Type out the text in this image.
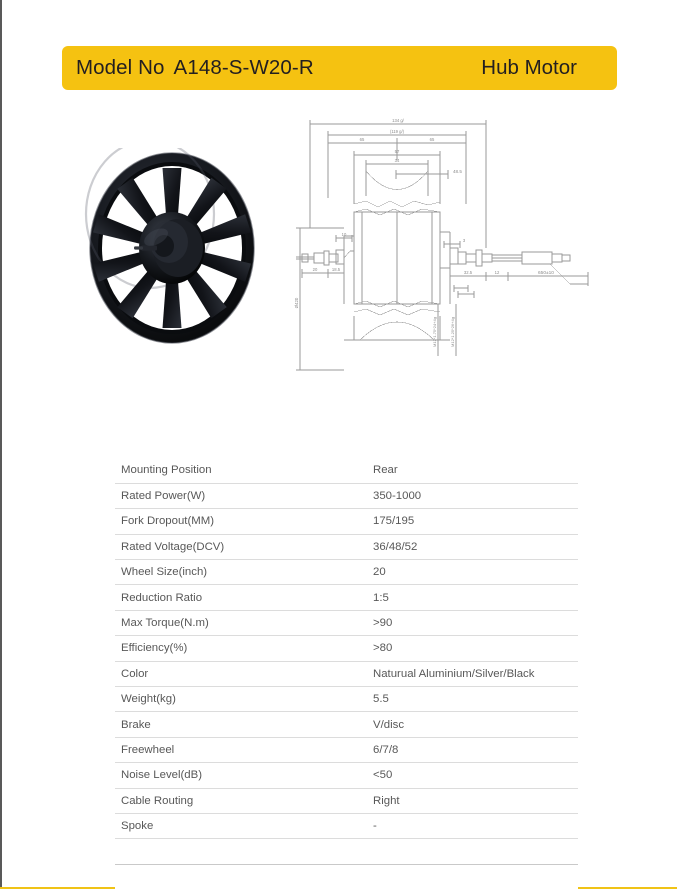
Model No A148-S-W20-R	Hub Motor
134 g/
(119 g/)
65	65
57
34
48.5
20	18.5
10
3
32.5	12	650±10
Ø420
M12*1.75*24+4g	M12*1.25*26+4g
Mounting Position	Rear
Rated Power(W)	350-1000
Fork Dropout(MM)	175/195
Rated Voltage(DCV)	36/48/52
Wheel Size(inch)	20
Reduction Ratio	1:5
Max Torque(N.m)	>90
Efficiency(%)	>80
Color	Naturual Aluminium/Silver/Black
Weight(kg)	5.5
Brake	V/disc
Freewheel	6/7/8
Noise Level(dB)	<50
Cable Routing	Right
Spoke	-
